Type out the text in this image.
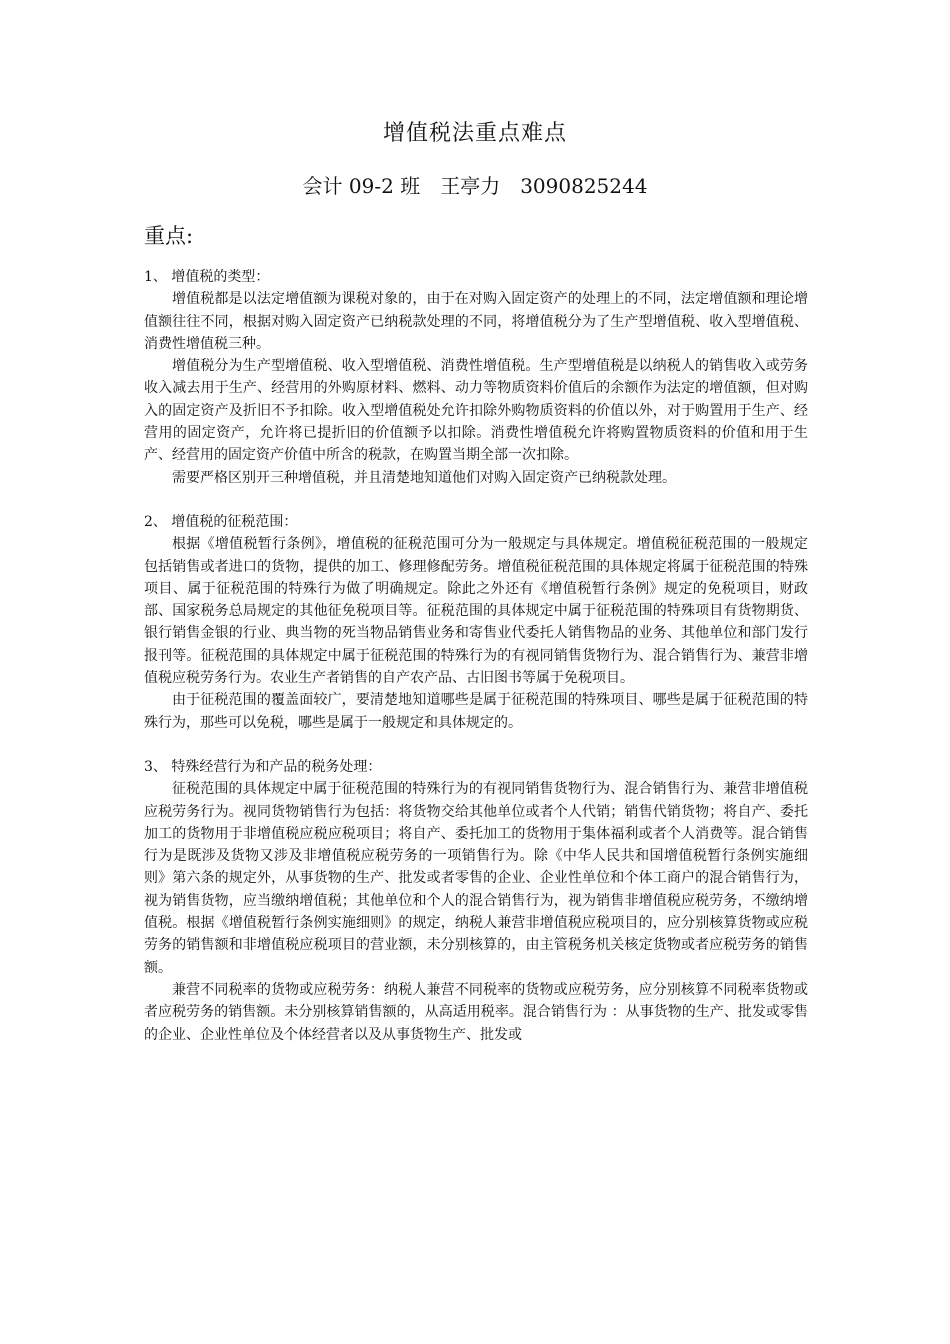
增值税法重点难点
会计 09-2 班　王亭力　3090825244
重点:

1、 增值税的类型：

增值税都是以法定增值额为课税对象的，由于在对购入固定资产的处理上的不同，法定增值额和理论增值额往往不同，根据对购入固定资产已纳税款处理的不同，将增值税分为了生产型增值税、收入型增值税、消费性增值税三种。

增值税分为生产型增值税、收入型增值税、消费性增值税。生产型增值税是以纳税人的销售收入或劳务收入减去用于生产、经营用的外购原材料、燃料、动力等物质资料价值后的余额作为法定的增值额，但对购入的固定资产及折旧不予扣除。收入型增值税处允许扣除外购物质资料的价值以外，对于购置用于生产、经营用的固定资产，允许将已提折旧的价值额予以扣除。消费性增值税允许将购置物质资料的价值和用于生产、经营用的固定资产价值中所含的税款，在购置当期全部一次扣除。

需要严格区别开三种增值税，并且清楚地知道他们对购入固定资产已纳税款处理。

2、 增值税的征税范围：

根据《增值税暂行条例》，增值税的征税范围可分为一般规定与具体规定。增值税征税范围的一般规定包括销售或者进口的货物，提供的加工、修理修配劳务。增值税征税范围的具体规定将属于征税范围的特殊项目、属于征税范围的特殊行为做了明确规定。除此之外还有《增值税暂行条例》规定的免税项目，财政部、国家税务总局规定的其他征免税项目等。征税范围的具体规定中属于征税范围的特殊项目有货物期货、银行销售金银的行业、典当物的死当物品销售业务和寄售业代委托人销售物品的业务、其他单位和部门发行报刊等。征税范围的具体规定中属于征税范围的特殊行为的有视同销售货物行为、混合销售行为、兼营非增值税应税劳务行为。农业生产者销售的自产农产品、古旧图书等属于免税项目。

由于征税范围的覆盖面较广，要清楚地知道哪些是属于征税范围的特殊项目、哪些是属于征税范围的特殊行为，那些可以免税，哪些是属于一般规定和具体规定的。

3、 特殊经营行为和产品的税务处理：

征税范围的具体规定中属于征税范围的特殊行为的有视同销售货物行为、混合销售行为、兼营非增值税应税劳务行为。视同货物销售行为包括：将货物交给其他单位或者个人代销；销售代销货物；将自产、委托加工的货物用于非增值税应税应税项目；将自产、委托加工的货物用于集体福利或者个人消费等。混合销售行为是既涉及货物又涉及非增值税应税劳务的一项销售行为。除《中华人民共和国增值税暂行条例实施细则》第六条的规定外，从事货物的生产、批发或者零售的企业、企业性单位和个体工商户的混合销售行为，视为销售货物，应当缴纳增值税；其他单位和个人的混合销售行为，视为销售非增值税应税劳务，不缴纳增值税。根据《增值税暂行条例实施细则》的规定，纳税人兼营非增值税应税项目的，应分别核算货物或应税劳务的销售额和非增值税应税项目的营业额，未分别核算的，由主管税务机关核定货物或者应税劳务的销售额。

兼营不同税率的货物或应税劳务：纳税人兼营不同税率的货物或应税劳务，应分别核算不同税率货物或者应税劳务的销售额。未分别核算销售额的，从高适用税率。混合销售行为 ：从事货物的生产、批发或零售的企业、企业性单位及个体经营者以及从事货物生产、批发或
